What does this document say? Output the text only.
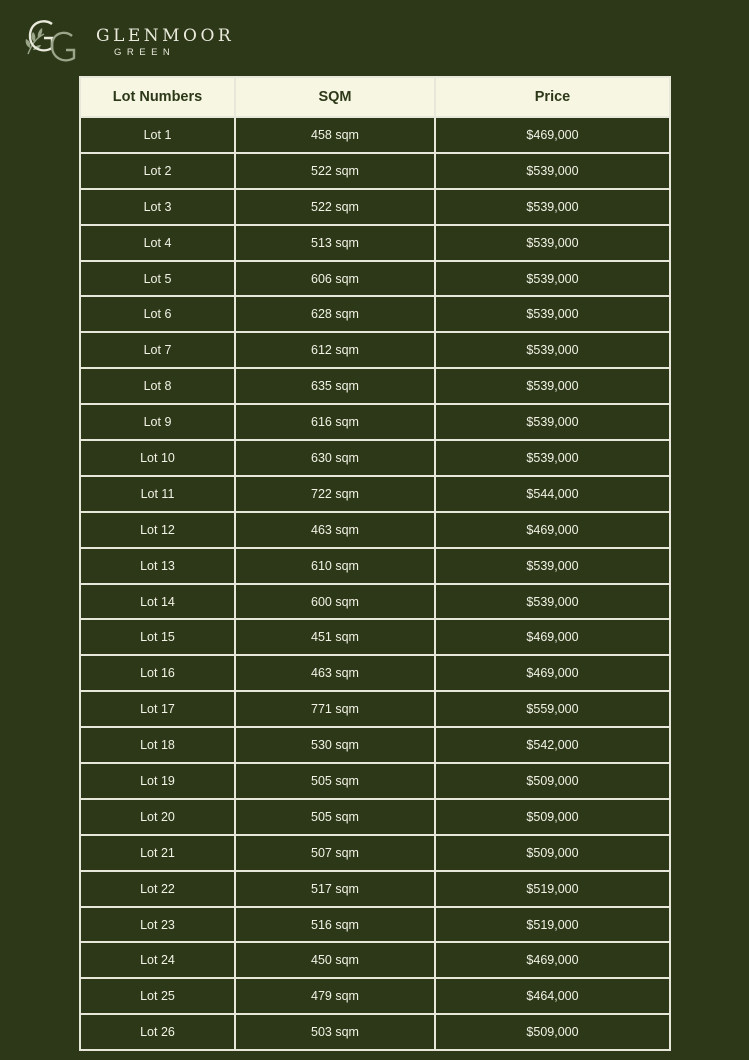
GLENMOOR
GREEN
Lot Numbers	SQM	Price
Lot 1	458 sqm	$469,000
Lot 2	522 sqm	$539,000
Lot 3	522 sqm	$539,000
Lot 4	513 sqm	$539,000
Lot 5	606 sqm	$539,000
Lot 6	628 sqm	$539,000
Lot 7	612 sqm	$539,000
Lot 8	635 sqm	$539,000
Lot 9	616 sqm	$539,000
Lot 10	630 sqm	$539,000
Lot 11	722 sqm	$544,000
Lot 12	463 sqm	$469,000
Lot 13	610 sqm	$539,000
Lot 14	600 sqm	$539,000
Lot 15	451 sqm	$469,000
Lot 16	463 sqm	$469,000
Lot 17	771 sqm	$559,000
Lot 18	530 sqm	$542,000
Lot 19	505 sqm	$509,000
Lot 20	505 sqm	$509,000
Lot 21	507 sqm	$509,000
Lot 22	517 sqm	$519,000
Lot 23	516 sqm	$519,000
Lot 24	450 sqm	$469,000
Lot 25	479 sqm	$464,000
Lot 26	503 sqm	$509,000
